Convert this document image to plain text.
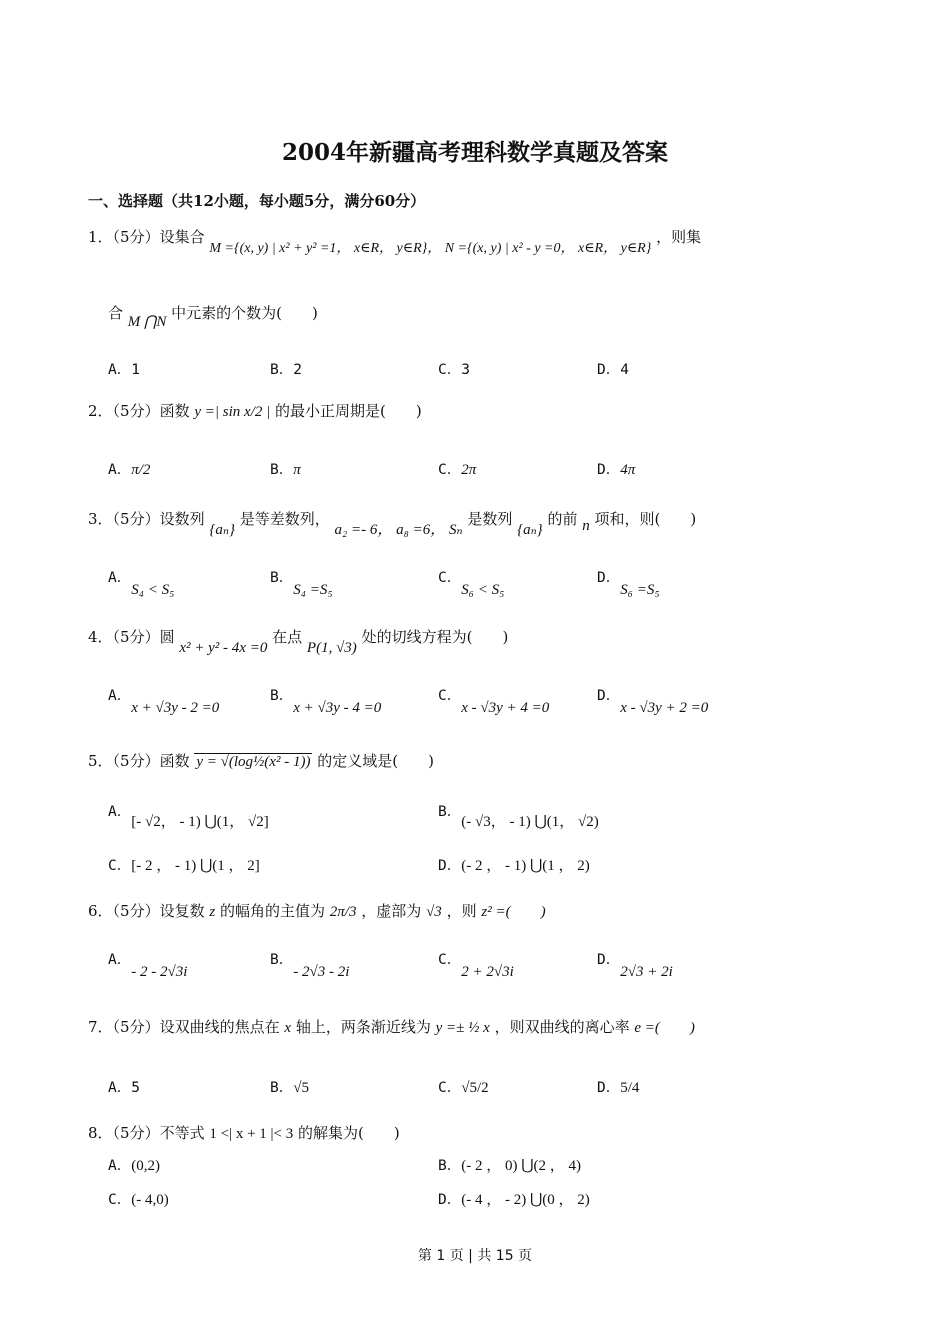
2004年新疆高考理科数学真题及答案
一、选择题（共12小题，每小题5分，满分60分）
1．（5分）设集合 M ={(x, y) | x² + y² =1， x∈R， y∈R}， N ={(x, y) | x² - y =0， x∈R， y∈R} ，则集
合 M ⋂N 中元素的个数为(　　)
A．1	B．2	C．3	D．4
2．（5分）函数 y =| sin x/2 | 的最小正周期是(　　)
A．π/2	B．π	C．2π	D．4π
3．（5分）设数列 {aₙ} 是等差数列， a₂ =- 6， a₈ =6， Sₙ 是数列 {aₙ} 的前 n 项和，则(　　)
A．S₄ < S₅
B．S₄ =S₅
C．S₆ < S₅
D．S₆ =S₅
4．（5分）圆 x² + y² - 4x =0 在点 P(1, √3) 处的切线方程为(　　)
A．x + √3y - 2 =0
B．x + √3y - 4 =0
C．x - √3y + 4 =0
D．x - √3y + 2 =0
5．（5分）函数 y = √(log½(x² - 1)) 的定义域是(　　)
A．[- √2， - 1) ⋃(1， √2]
B．(- √3， - 1) ⋃(1， √2)
C．[- 2 ， - 1) ⋃(1 ， 2]	D．(- 2 ， - 1) ⋃(1 ， 2)
6．（5分）设复数 z 的幅角的主值为 2π/3 ，虚部为 √3 ，则 z² =(　　)
A．- 2 - 2√3i
B．- 2√3 - 2i
C．2 + 2√3i
D．2√3 + 2i
7．（5分）设双曲线的焦点在 x 轴上，两条渐近线为 y =± ½ x ，则双曲线的离心率 e =(　　)
A．5	B．√5	C．√5/2	D．5/4
8．（5分）不等式 1 <| x + 1 |< 3 的解集为(　　)
A．(0,2)	B．(- 2 ， 0) ⋃(2 ， 4)
C．(- 4,0)	D．(- 4 ， - 2) ⋃(0 ， 2)
第 1 页 | 共 15 页
